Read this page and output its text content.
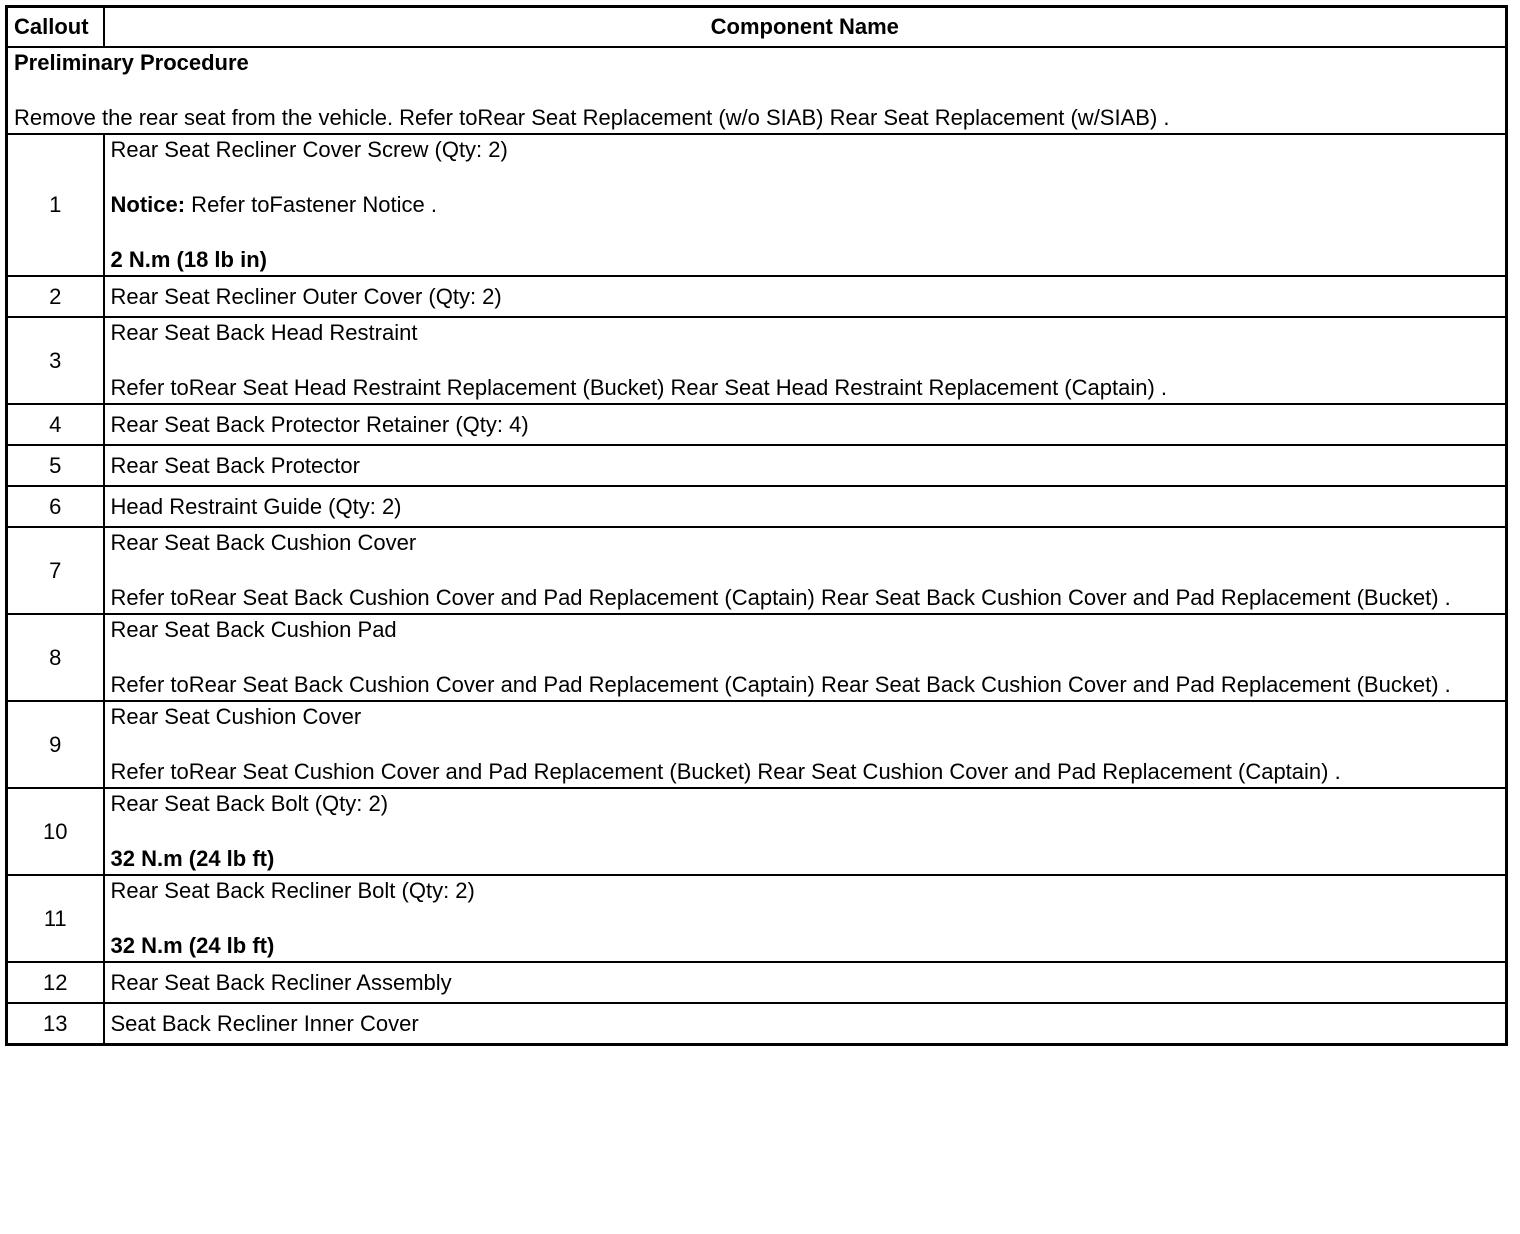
Callout	Component Name

Preliminary Procedure
Remove the rear seat from the vehicle. Refer toRear Seat Replacement (w/o SIAB) Rear Seat Replacement (w/SIAB) .	

1	Rear Seat Recliner Cover Screw (Qty: 2)
Notice: Refer toFastener Notice .
2 N.m (18 lb in)

2	Rear Seat Recliner Outer Cover (Qty: 2)
3	Rear Seat Back Head Restraint
Refer toRear Seat Head Restraint Replacement (Bucket) Rear Seat Head Restraint Replacement (Captain) .

4	Rear Seat Back Protector Retainer (Qty: 4)
5	Rear Seat Back Protector
6	Head Restraint Guide (Qty: 2)
7	Rear Seat Back Cushion Cover
Refer toRear Seat Back Cushion Cover and Pad Replacement (Captain) Rear Seat Back Cushion Cover and Pad Replacement (Bucket) .

8	Rear Seat Back Cushion Pad
Refer toRear Seat Back Cushion Cover and Pad Replacement (Captain) Rear Seat Back Cushion Cover and Pad Replacement (Bucket) .

9	Rear Seat Cushion Cover
Refer toRear Seat Cushion Cover and Pad Replacement (Bucket) Rear Seat Cushion Cover and Pad Replacement (Captain) .

10	Rear Seat Back Bolt (Qty: 2)
32 N.m (24 lb ft)

11	Rear Seat Back Recliner Bolt (Qty: 2)
32 N.m (24 lb ft)

12	Rear Seat Back Recliner Assembly
13	Seat Back Recliner Inner Cover
